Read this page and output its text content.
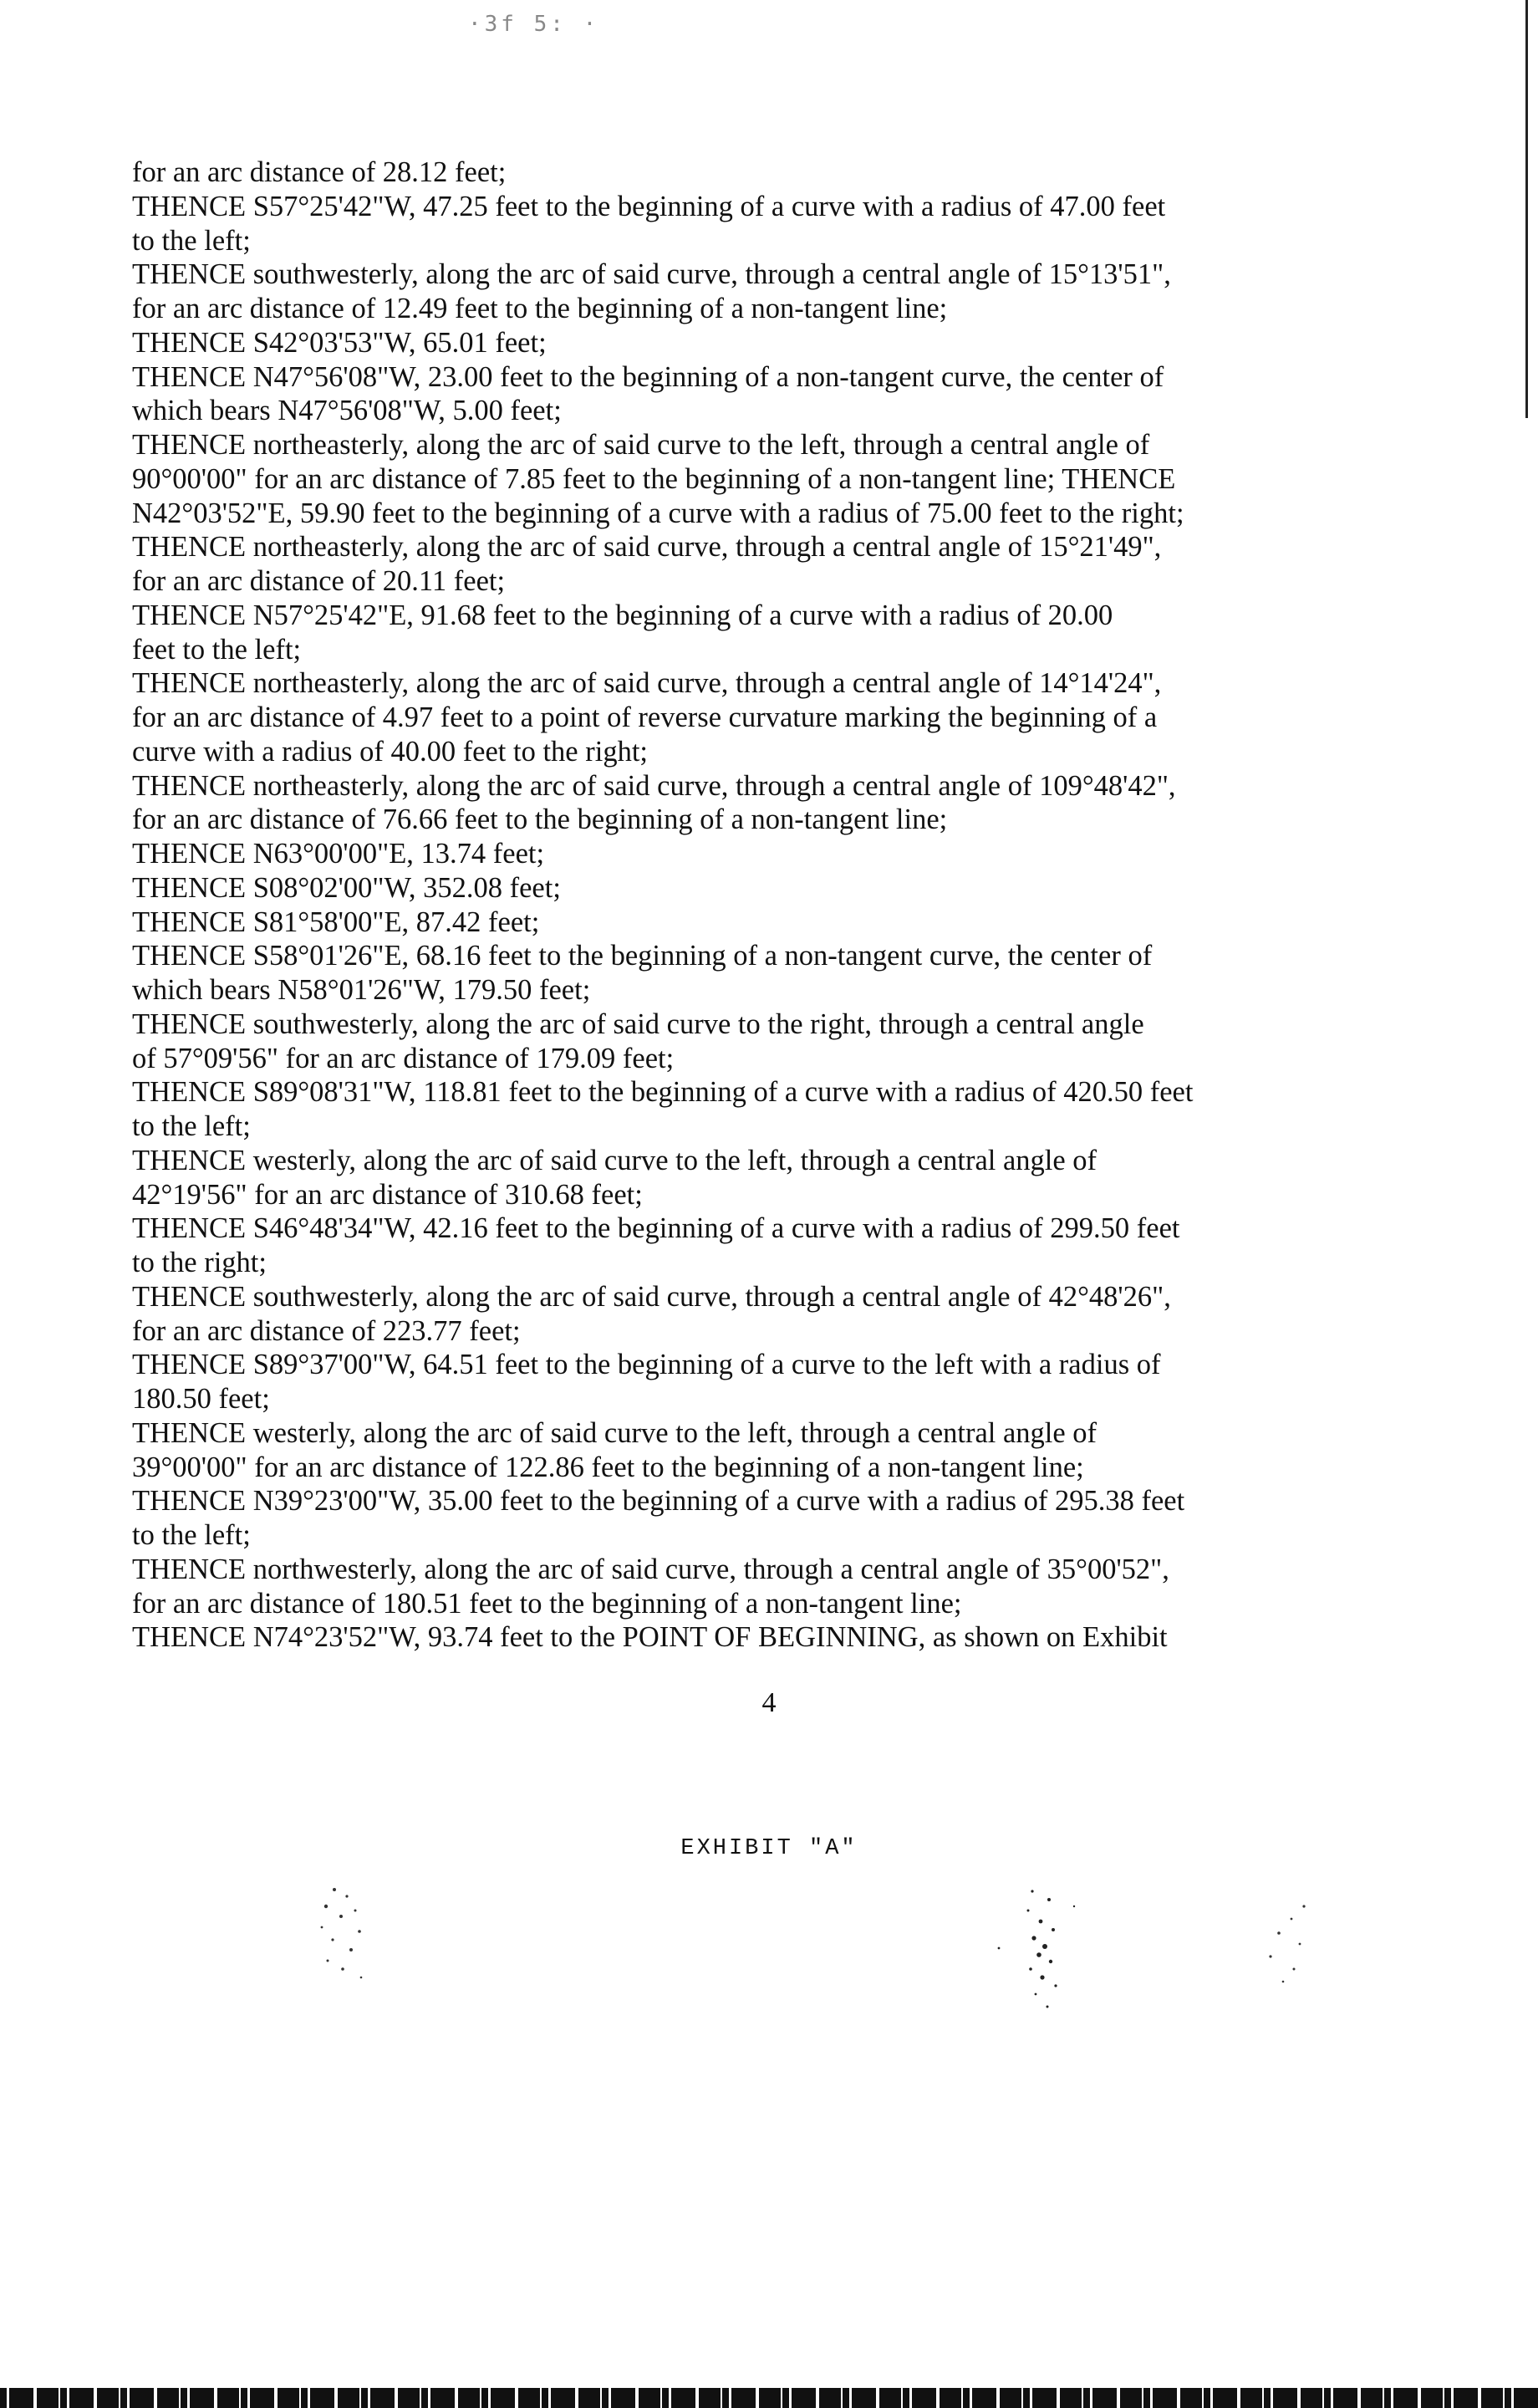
·3f 5: ·
for an arc distance of 28.12 feet;
THENCE S57°25'42"W, 47.25 feet to the beginning of a curve with a radius of 47.00 feet
to the left;
THENCE southwesterly, along the arc of said curve, through a central angle of 15°13'51",
for an arc distance of 12.49 feet to the beginning of a non-tangent line;
THENCE S42°03'53"W, 65.01 feet;
THENCE N47°56'08"W, 23.00 feet to the beginning of a non-tangent curve, the center of
which bears N47°56'08"W, 5.00 feet;
THENCE northeasterly, along the arc of said curve to the left, through a central angle of
90°00'00" for an arc distance of 7.85 feet to the beginning of a non-tangent line; THENCE
N42°03'52"E, 59.90 feet to the beginning of a curve with a radius of 75.00 feet to the right;
THENCE northeasterly, along the arc of said curve, through a central angle of 15°21'49",
for an arc distance of 20.11 feet;
THENCE N57°25'42"E, 91.68 feet to the beginning of a curve with a radius of 20.00
feet to the left;
THENCE northeasterly, along the arc of said curve, through a central angle of 14°14'24",
for an arc distance of 4.97 feet to a point of reverse curvature marking the beginning of a
curve with a radius of 40.00 feet to the right;
THENCE northeasterly, along the arc of said curve, through a central angle of 109°48'42",
for an arc distance of 76.66 feet to the beginning of a non-tangent line;
THENCE N63°00'00"E, 13.74 feet;
THENCE S08°02'00"W, 352.08 feet;
THENCE S81°58'00"E, 87.42 feet;
THENCE S58°01'26"E, 68.16 feet to the beginning of a non-tangent curve, the center of
which bears N58°01'26"W, 179.50 feet;
THENCE southwesterly, along the arc of said curve to the right, through a central angle
of 57°09'56" for an arc distance of 179.09 feet;
THENCE S89°08'31"W, 118.81 feet to the beginning of a curve with a radius of 420.50 feet
to the left;
THENCE westerly, along the arc of said curve to the left, through a central angle of
42°19'56" for an arc distance of 310.68 feet;
THENCE S46°48'34"W, 42.16 feet to the beginning of a curve with a radius of 299.50 feet
to the right;
THENCE southwesterly, along the arc of said curve, through a central angle of 42°48'26",
for an arc distance of 223.77 feet;
THENCE S89°37'00"W, 64.51 feet to the beginning of a curve to the left with a radius of
180.50 feet;
THENCE westerly, along the arc of said curve to the left, through a central angle of
39°00'00" for an arc distance of 122.86 feet to the beginning of a non-tangent line;
THENCE N39°23'00"W, 35.00 feet to the beginning of a curve with a radius of 295.38 feet
to the left;
THENCE northwesterly, along the arc of said curve, through a central angle of 35°00'52",
for an arc distance of 180.51 feet to the beginning of a non-tangent line;
THENCE N74°23'52"W, 93.74 feet to the POINT OF BEGINNING, as shown on Exhibit
4
EXHIBIT "A"
